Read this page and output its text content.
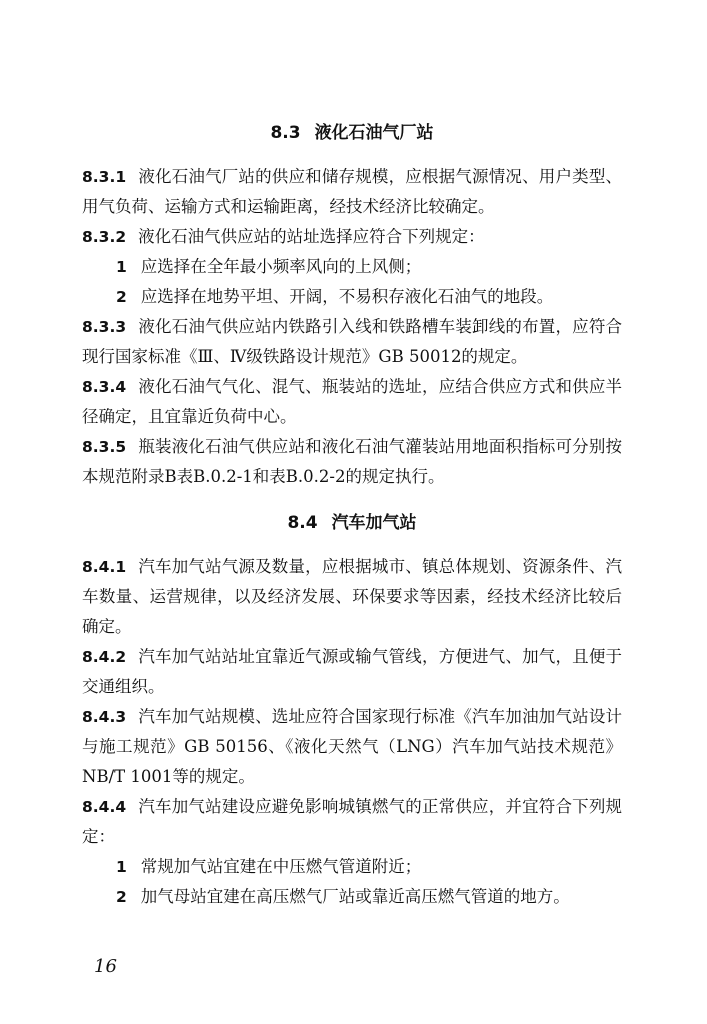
8.3 液化石油气厂站

8.3.1 液化石油气厂站的供应和储存规模，应根据气源情况、用户类型、用气负荷、运输方式和运输距离，经技术经济比较确定。

8.3.2 液化石油气供应站的站址选择应符合下列规定：

1 应选择在全年最小频率风向的上风侧；

2 应选择在地势平坦、开阔，不易积存液化石油气的地段。

8.3.3 液化石油气供应站内铁路引入线和铁路槽车装卸线的布置，应符合现行国家标准《Ⅲ、Ⅳ级铁路设计规范》GB 50012的规定。

8.3.4 液化石油气气化、混气、瓶装站的选址，应结合供应方式和供应半径确定，且宜靠近负荷中心。

8.3.5 瓶装液化石油气供应站和液化石油气灌装站用地面积指标可分别按本规范附录B表B.0.2-1和表B.0.2-2的规定执行。

8.4 汽车加气站

8.4.1 汽车加气站气源及数量，应根据城市、镇总体规划、资源条件、汽车数量、运营规律，以及经济发展、环保要求等因素，经技术经济比较后确定。

8.4.2 汽车加气站站址宜靠近气源或输气管线，方便进气、加气，且便于交通组织。

8.4.3 汽车加气站规模、选址应符合国家现行标准《汽车加油加气站设计与施工规范》GB 50156、《液化天然气（LNG）汽车加气站技术规范》NB/T 1001等的规定。

8.4.4 汽车加气站建设应避免影响城镇燃气的正常供应，并宜符合下列规定：

1 常规加气站宜建在中压燃气管道附近；

2 加气母站宜建在高压燃气厂站或靠近高压燃气管道的地方。

16
